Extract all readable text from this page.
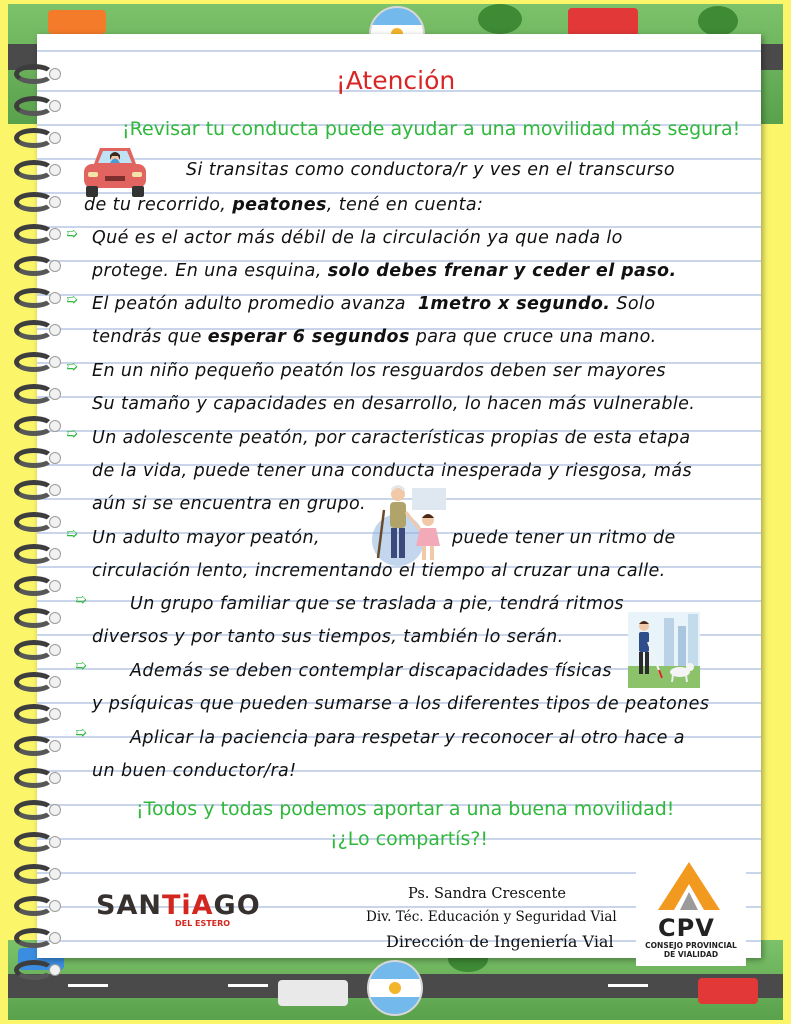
¡Atención
¡Revisar tu conducta puede ayudar a una movilidad más segura!
Si transitas como conductora/r y ves en el transcurso
de tu recorrido, peatones, tené en cuenta:
➯ Qué es el actor más débil de la circulación ya que nada lo
protege. En una esquina, solo debes frenar y ceder el paso.
➯ El peatón adulto promedio avanza 1metro x segundo. Solo
tendrás que esperar 6 segundos para que cruce una mano.
➯ En un niño pequeño peatón los resguardos deben ser mayores
Su tamaño y capacidades en desarrollo, lo hacen más vulnerable.
➯ Un adolescente peatón, por características propias de esta etapa
de la vida, puede tener una conducta inesperada y riesgosa, más
aún si se encuentra en grupo.
➯ Un adulto mayor peatón,	puede tener un ritmo de
circulación lento, incrementando el tiempo al cruzar una calle.
➯ Un grupo familiar que se traslada a pie, tendrá ritmos
diversos y por tanto sus tiempos, también lo serán.
➯ Además se deben contemplar discapacidades físicas
y psíquicas que pueden sumarse a los diferentes tipos de peatones
➯ Aplicar la paciencia para respetar y reconocer al otro hace a
un buen conductor/ra!
¡Todos y todas podemos aportar a una buena movilidad!
¡¿Lo compartís?!
SANTiAGO
DEL ESTERO
Ps. Sandra Crescente
Div. Téc. Educación y Seguridad Vial
Dirección de Ingeniería Vial CPV
CONSEJO PROVINCIAL
DE VIALIDAD
